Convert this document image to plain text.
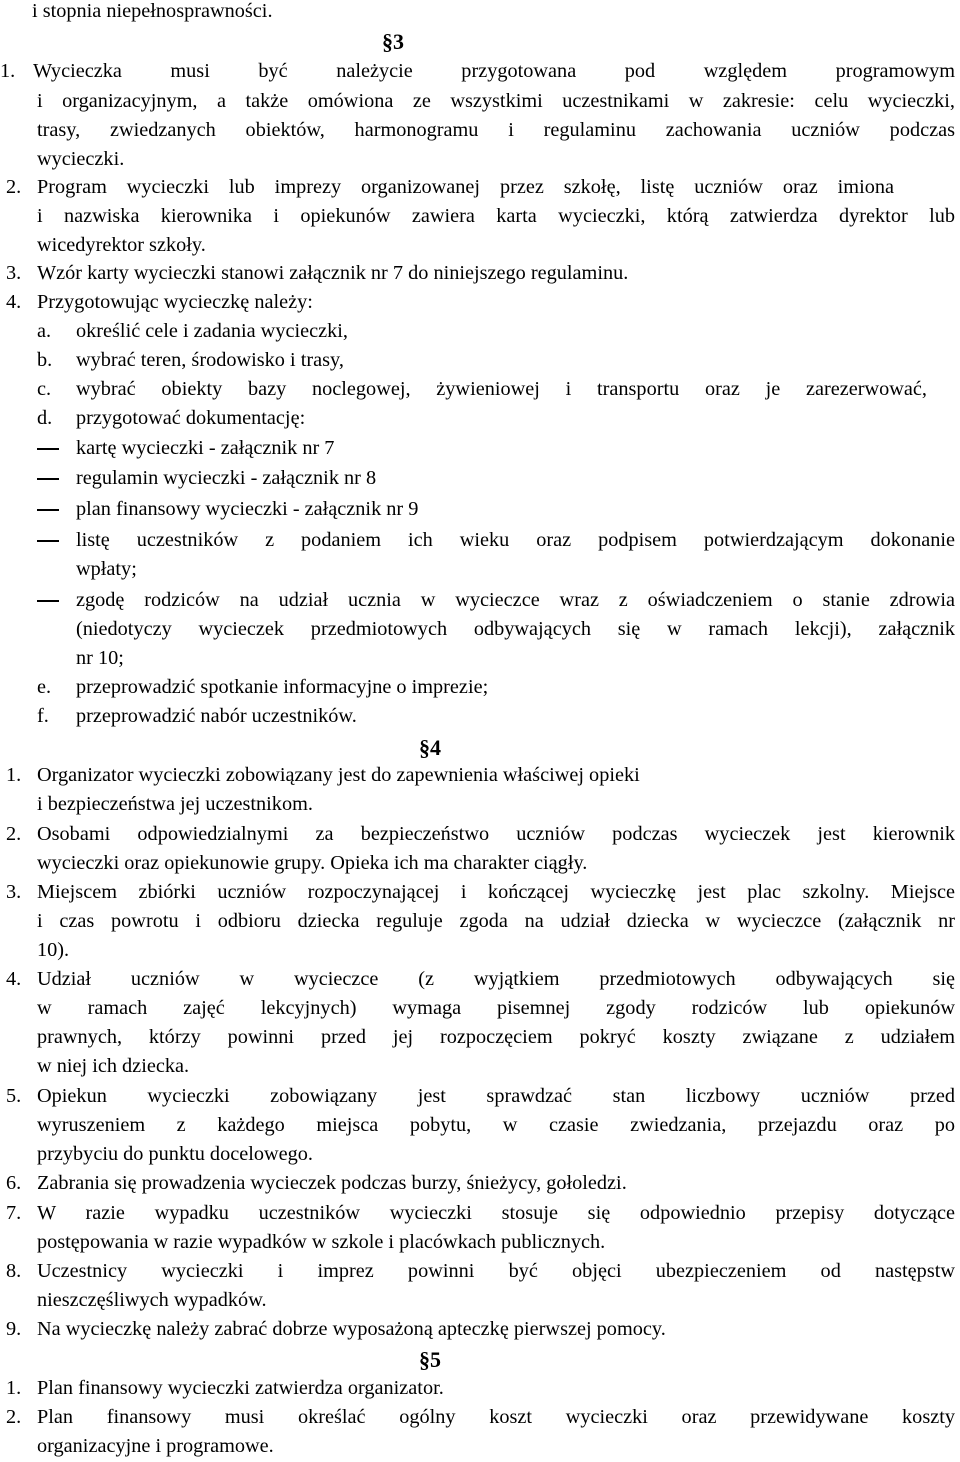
i stopnia niepełnosprawności.
§3
1. Wycieczka musi być należycie przygotowana pod względem programowym
i organizacyjnym, a także omówiona ze wszystkimi uczestnikami w zakresie: celu wycieczki,
trasy, zwiedzanych obiektów, harmonogramu i regulaminu zachowania uczniów podczas
wycieczki.
2. Program wycieczki lub imprezy organizowanej przez szkołę, listę uczniów oraz imiona
i nazwiska kierownika i opiekunów zawiera karta wycieczki, którą zatwierdza dyrektor lub
wicedyrektor szkoły.
3. Wzór karty wycieczki stanowi załącznik nr 7 do niniejszego regulaminu.
4. Przygotowując wycieczkę należy:
a. określić cele i zadania wycieczki,
b. wybrać teren, środowisko i trasy,
c. wybrać obiekty bazy noclegowej, żywieniowej i transportu oraz je zarezerwować,
d. przygotować dokumentację:
kartę wycieczki - załącznik nr 7
regulamin wycieczki - załącznik nr 8
plan finansowy wycieczki - załącznik nr 9
listę uczestników z podaniem ich wieku oraz podpisem potwierdzającym dokonanie
wpłaty;
zgodę rodziców na udział ucznia w wycieczce wraz z oświadczeniem o stanie zdrowia
(niedotyczy wycieczek przedmiotowych odbywających się w ramach lekcji), załącznik
nr 10;
e. przeprowadzić spotkanie informacyjne o imprezie;
f. przeprowadzić nabór uczestników.
§4
1. Organizator wycieczki zobowiązany jest do zapewnienia właściwej opieki
i bezpieczeństwa jej uczestnikom.
2. Osobami odpowiedzialnymi za bezpieczeństwo uczniów podczas wycieczek jest kierownik
wycieczki oraz opiekunowie grupy. Opieka ich ma charakter ciągły.
3. Miejscem zbiórki uczniów rozpoczynającej i kończącej wycieczkę jest plac szkolny. Miejsce
i czas powrotu i odbioru dziecka reguluje zgoda na udział dziecka w wycieczce (załącznik nr
10).
4. Udział uczniów w wycieczce (z wyjątkiem przedmiotowych odbywających się
w ramach zajęć lekcyjnych) wymaga pisemnej zgody rodziców lub opiekunów
prawnych, którzy powinni przed jej rozpoczęciem pokryć koszty związane z udziałem
w niej ich dziecka.
5. Opiekun wycieczki zobowiązany jest sprawdzać stan liczbowy uczniów przed
wyruszeniem z każdego miejsca pobytu, w czasie zwiedzania, przejazdu oraz po
przybyciu do punktu docelowego.
6. Zabrania się prowadzenia wycieczek podczas burzy, śnieżycy, gołoledzi.
7. W razie wypadku uczestników wycieczki stosuje się odpowiednio przepisy dotyczące
postępowania w razie wypadków w szkole i placówkach publicznych.
8. Uczestnicy wycieczki i imprez powinni być objęci ubezpieczeniem od następstw
nieszczęśliwych wypadków.
9. Na wycieczkę należy zabrać dobrze wyposażoną apteczkę pierwszej pomocy.
§5
1. Plan finansowy wycieczki zatwierdza organizator.
2. Plan finansowy musi określać ogólny koszt wycieczki oraz przewidywane koszty
organizacyjne i programowe.
